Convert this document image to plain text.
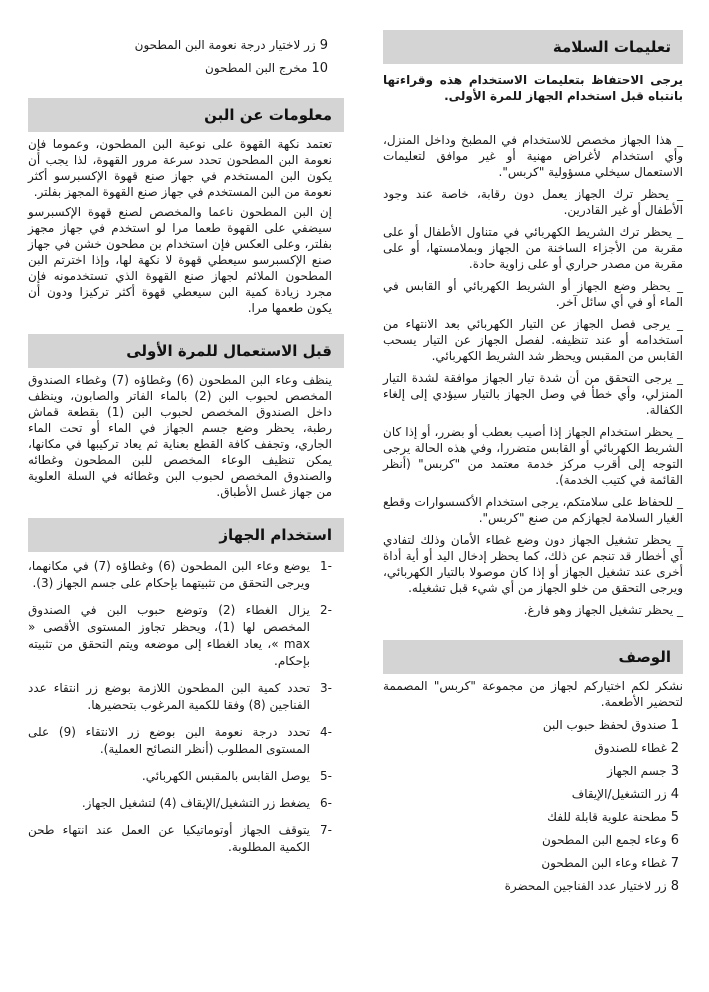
تعليمات السلامة

يرجى الاحتفاظ بتعليمات الاستخدام هذه وقراءتها بانتباه قبل استخدام الجهاز للمرة الأولى.

_ هذا الجهاز مخصص للاستخدام في المطبخ وداخل المنزل، وأي استخدام لأغراض مهنية أو غير موافق لتعليمات الاستعمال سيخلي مسؤولية "كربس".

_ يحظر ترك الجهاز يعمل دون رقابة، خاصة عند وجود الأطفال أو غير القادرين.

_ يحظر ترك الشريط الكهربائي في متناول الأطفال أو على مقربة من الأجزاء الساخنة من الجهاز وبملامستها، أو على مقربة من مصدر حراري أو على زاوية حادة.

_ يحظر وضع الجهاز أو الشريط الكهربائي أو القابس في الماء أو في أي سائل آخر.

_ يرجى فصل الجهاز عن التيار الكهربائي بعد الانتهاء من استخدامه أو عند تنظيفه. لفصل الجهاز عن التيار يسحب القابس من المقبس ويحظر شد الشريط الكهربائي.

_ يرجى التحقق من أن شدة تيار الجهاز موافقة لشدة التيار المنزلي، وأي خطأ في وصل الجهاز بالتيار سيؤدي إلى إلغاء الكفالة.

_ يحظر استخدام الجهاز إذا أصيب بعطب أو بضرر، أو إذا كان الشريط الكهربائي أو القابس متضررا، وفي هذه الحالة يرجى التوجه إلى أقرب مركز خدمة معتمد من "كربس" (أنظر القائمة في كتيب الخدمة).

_ للحفاظ على سلامتكم، يرجى استخدام الأكسسوارات وقطع الغيار السلامة لجهازكم من صنع "كربس".

_ يحظر تشغيل الجهاز دون وضع غطاء الأمان وذلك لتفادي أي أخطار قد تنجم عن ذلك، كما يحظر إدخال اليد أو أية أداة أخرى عند تشغيل الجهاز أو إذا كان موصولا بالتيار الكهربائي، ويرجى التحقق من خلو الجهاز من أي شيء قبل تشغيله.

_ يحظر تشغيل الجهاز وهو فارغ.

الوصف

نشكر لكم اختياركم لجهاز من مجموعة "كربس" المصممة لتحضير الأطعمة.

1صندوق لحفظ حبوب البن
2غطاء للصندوق
3جسم الجهاز
4زر التشغيل/الإيقاف
5مطحنة علوية قابلة للفك
6وعاء لجمع البن المطحون
7غطاء وعاء البن المطحون
8زر لاختيار عدد الفناجين المحضرة
9زر لاختيار درجة نعومة البن المطحون
10مخرج البن المطحون
معلومات عن البن

تعتمد نكهة القهوة على نوعية البن المطحون، وعموما فإن نعومة البن المطحون تحدد سرعة مرور القهوة، لذا يجب أن يكون البن المستخدم في جهاز صنع قهوة الإكسبرسو أكثر نعومة من البن المستخدم في جهاز صنع القهوة المجهز بفلتر.

إن البن المطحون ناعما والمخصص لصنع قهوة الإكسبرسو سيضفي على القهوة طعما مرا لو استخدم في جهاز مجهز بفلتر، وعلى العكس فإن استخدام بن مطحون خشن في جهاز صنع الإكسبرسو سيعطي قهوة لا نكهة لها، وإذا اخترتم البن المطحون الملائم لجهاز صنع القهوة الذي تستخدمونه فإن مجرد زيادة كمية البن سيعطي قهوة أكثر تركيزا ودون أن يكون طعمها مرا.

قبل الاستعمال للمرة الأولى

ينظف وعاء البن المطحون (6) وغطاؤه (7) وغطاء الصندوق المخصص لحبوب البن (2) بالماء الفاتر والصابون، وينظف داخل الصندوق المخصص لحبوب البن (1) بقطعة قماش رطبة، يحظر وضع جسم الجهاز في الماء أو تحت الماء الجاري، وتجفف كافة القطع بعناية ثم يعاد تركيبها في مكانها، يمكن تنظيف الوعاء المخصص للبن المطحون وغطائه والصندوق المخصص لحبوب البن وغطائه في السلة العلوية من جهاز غسل الأطباق.

استخدام الجهاز
-1
يوضع وعاء البن المطحون (6) وغطاؤه (7) في مكانهما، ويرجى التحقق من تثبيتهما بإحكام على جسم الجهاز (3).
-2
يزال الغطاء (2) وتوضع حبوب البن في الصندوق المخصص لها (1)، ويحظر تجاوز المستوى الأقصى « max »، يعاد الغطاء إلى موضعه ويتم التحقق من تثبيته بإحكام.
-3
تحدد كمية البن المطحون اللازمة بوضع زر انتقاء عدد الفناجين (8) وفقا للكمية المرغوب بتحضيرها.
-4
تحدد درجة نعومة البن بوضع زر الانتقاء (9) على المستوى المطلوب (أنظر النصائح العملية).
-5
يوصل القابس بالمقبس الكهربائي.
-6
يضغط زر التشغيل/الإيقاف (4) لتشغيل الجهاز.
-7
يتوقف الجهاز أوتوماتيكيا عن العمل عند انتهاء طحن الكمية المطلوبة.
